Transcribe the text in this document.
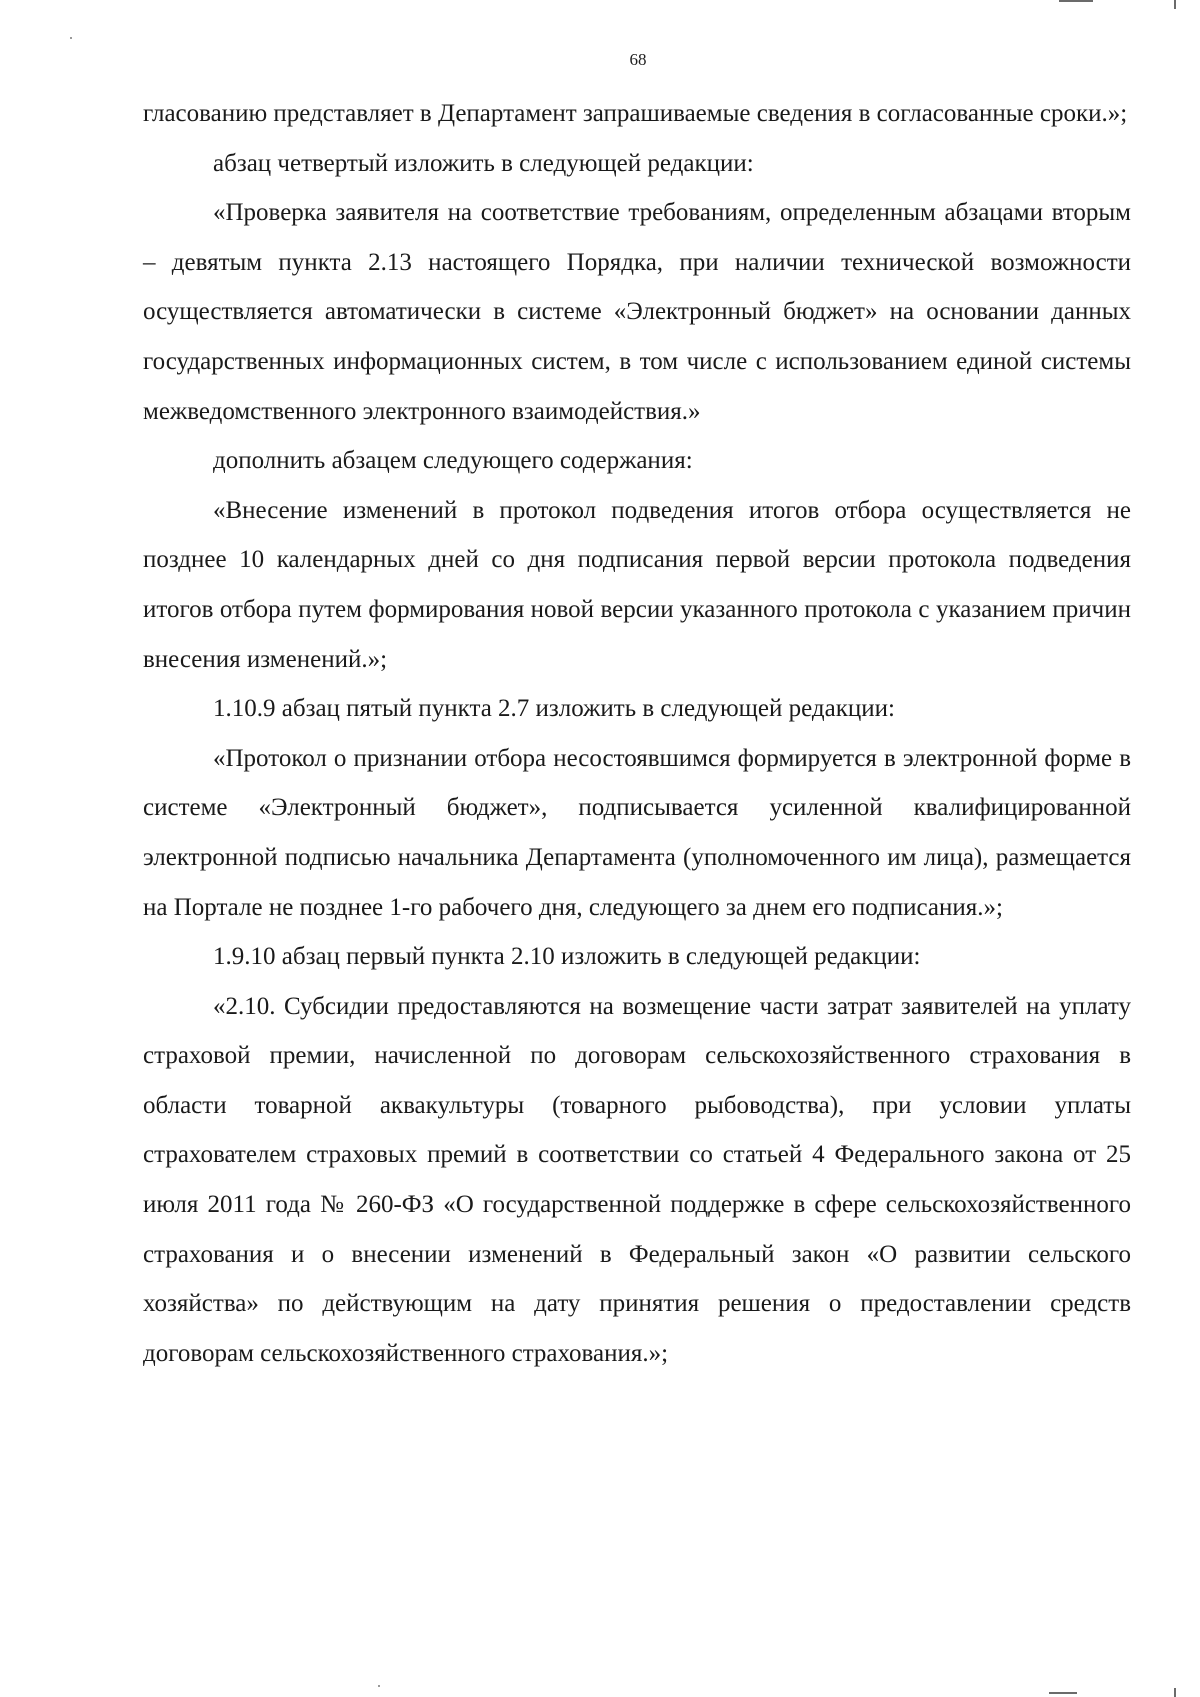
68

гласованию представляет в Департамент запрашиваемые сведения в согласованные сроки.»;

абзац четвертый изложить в следующей редакции:

«Проверка заявителя на соответствие требованиям, определенным абзацами вторым – девятым пункта 2.13 настоящего Порядка, при наличии технической возможности осуществляется автоматически в системе «Электронный бюджет» на основании данных государственных информационных систем, в том числе с использованием единой системы межведомственного электронного взаимодействия.»

дополнить абзацем следующего содержания:

«Внесение изменений в протокол подведения итогов отбора осуществляется не позднее 10 календарных дней со дня подписания первой версии протокола подведения итогов отбора путем формирования новой версии указанного протокола с указанием причин внесения изменений.»;

1.10.9 абзац пятый пункта 2.7 изложить в следующей редакции:

«Протокол о признании отбора несостоявшимся формируется в электронной форме в системе «Электронный бюджет», подписывается усиленной квалифицированной электронной подписью начальника Департамента (уполномоченного им лица), размещается на Портале не позднее 1-го рабочего дня, следующего за днем его подписания.»;

1.9.10 абзац первый пункта 2.10 изложить в следующей редакции:

«2.10. Субсидии предоставляются на возмещение части затрат заявителей на уплату страховой премии, начисленной по договорам сельскохозяйственного страхования в области товарной аквакультуры (товарного рыбоводства), при условии уплаты страхователем страховых премий в соответствии со статьей 4 Федерального закона от 25 июля 2011 года № 260-ФЗ «О государственной поддержке в сфере сельскохозяйственного страхования и о внесении изменений в Федеральный закон «О развитии сельского хозяйства» по действующим на дату принятия решения о предоставлении средств договорам сельскохозяйственного страхования.»;
